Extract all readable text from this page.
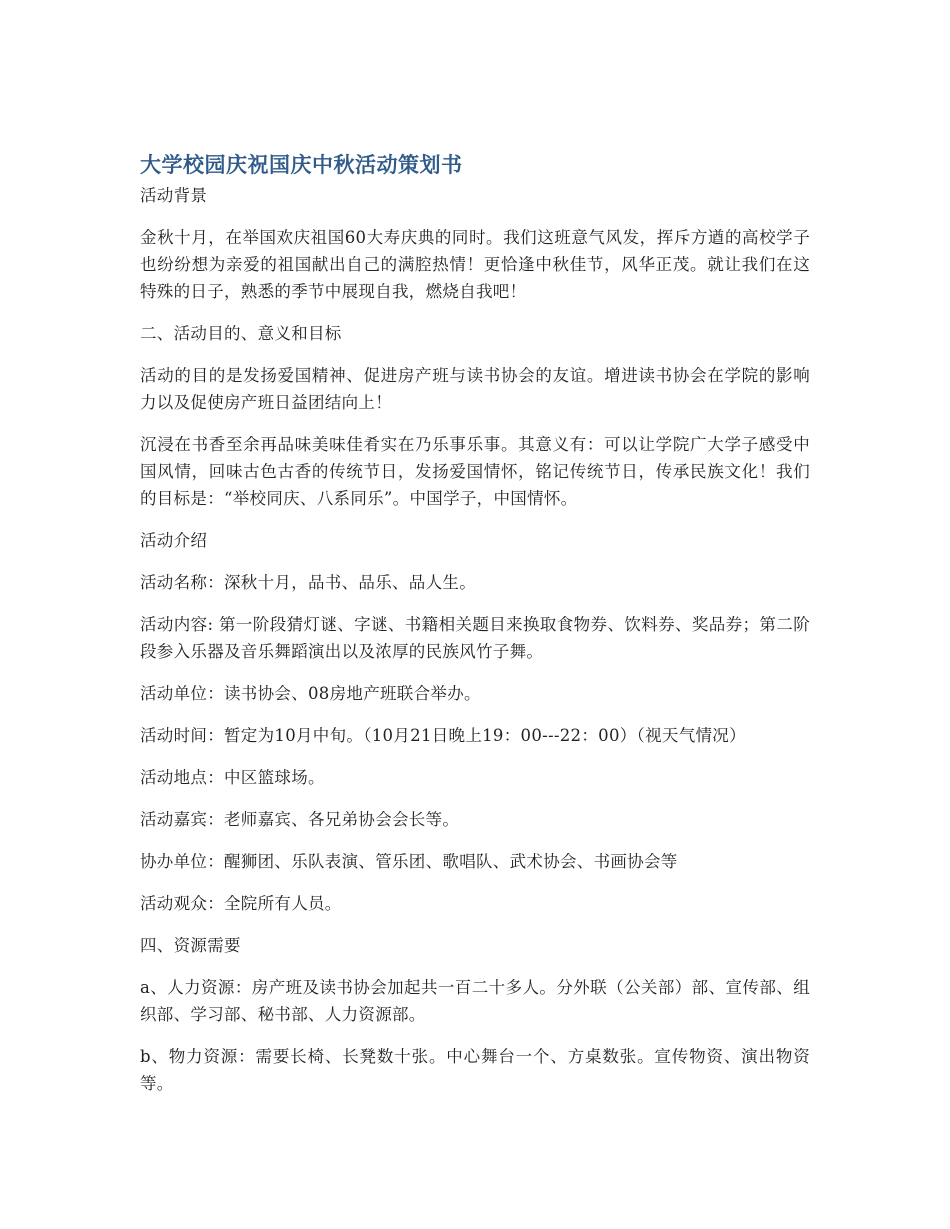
大学校园庆祝国庆中秋活动策划书

活动背景

金秋十月，在举国欢庆祖国60大寿庆典的同时。我们这班意气风发，挥斥方遒的高校学子也纷纷想为亲爱的祖国献出自己的满腔热情！更恰逢中秋佳节，风华正茂。就让我们在这特殊的日子，熟悉的季节中展现自我，燃烧自我吧！

二、活动目的、意义和目标

活动的目的是发扬爱国精神、促进房产班与读书协会的友谊。增进读书协会在学院的影响力以及促使房产班日益团结向上！

沉浸在书香至余再品味美味佳肴实在乃乐事乐事。其意义有：可以让学院广大学子感受中国风情，回味古色古香的传统节日，发扬爱国情怀，铭记传统节日，传承民族文化！我们的目标是：“举校同庆、八系同乐”。中国学子，中国情怀。

活动介绍

活动名称：深秋十月，品书、品乐、品人生。

活动内容: 第一阶段猜灯谜、字谜、书籍相关题目来换取食物券、饮料券、奖品券；第二阶段参入乐器及音乐舞蹈演出以及浓厚的民族风竹子舞。

活动单位：读书协会、08房地产班联合举办。

活动时间：暂定为10月中旬。（10月21日晚上19：00---22：00）（视天气情况）

活动地点：中区篮球场。

活动嘉宾：老师嘉宾、各兄弟协会会长等。

协办单位：醒狮团、乐队表演、管乐团、歌唱队、武术协会、书画协会等

活动观众：全院所有人员。

四、资源需要

a、人力资源：房产班及读书协会加起共一百二十多人。分外联（公关部）部、宣传部、组织部、学习部、秘书部、人力资源部。

b、物力资源：需要长椅、长凳数十张。中心舞台一个、方桌数张。宣传物资、演出物资等。
